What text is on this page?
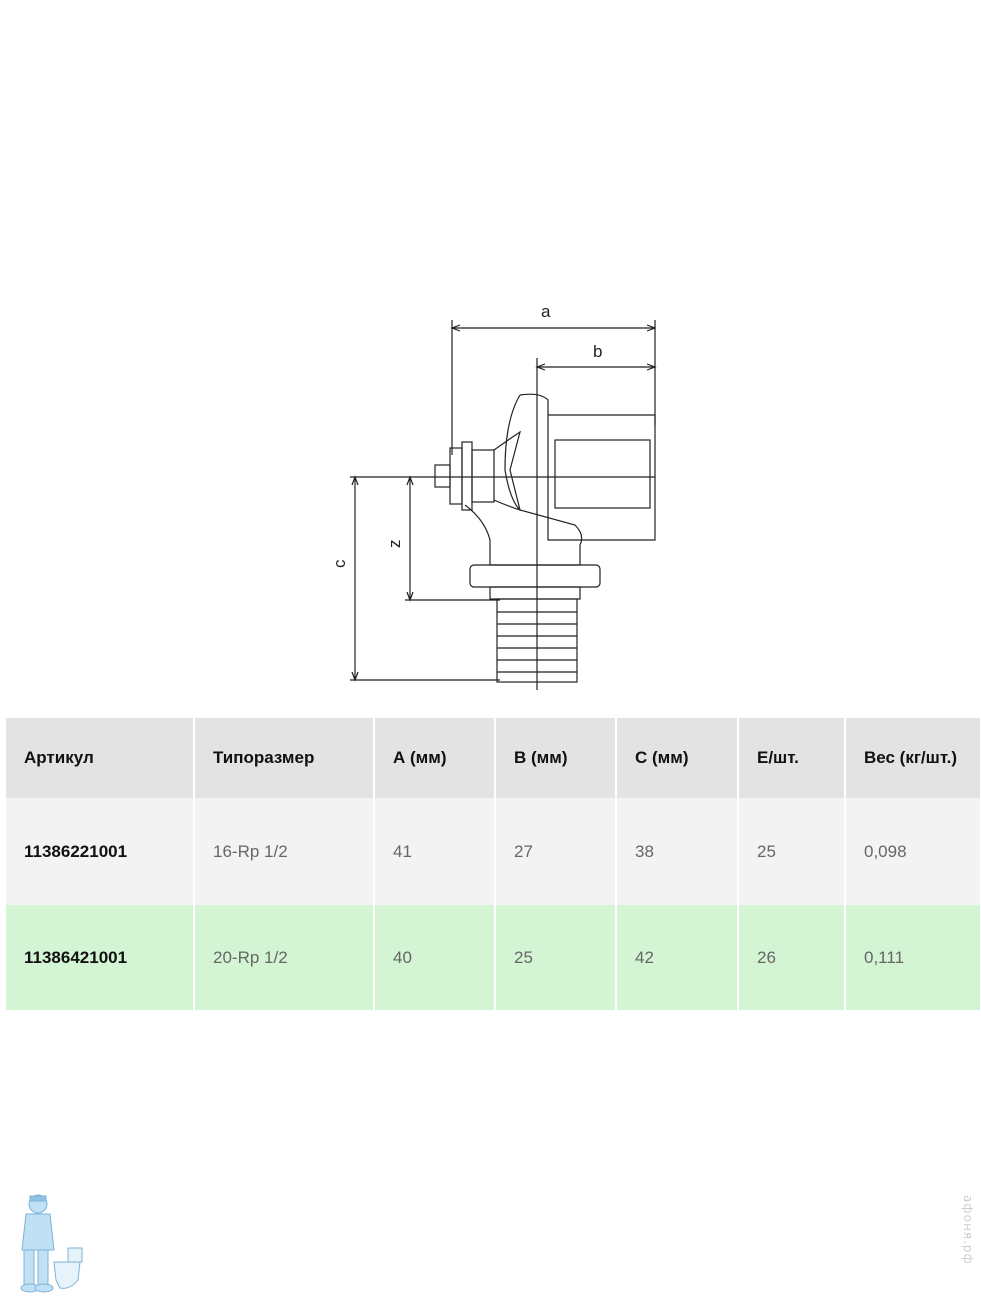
a
b
c
z
Артикул	Типоразмер	А (мм)	В (мм)	С (мм)	Е/шт.	Вес (кг/шт.)
11386221001	16-Rp 1/2	41	27	38	25	0,098
11386421001	20-Rp 1/2	40	25	42	26	0,111
афоня.рф
